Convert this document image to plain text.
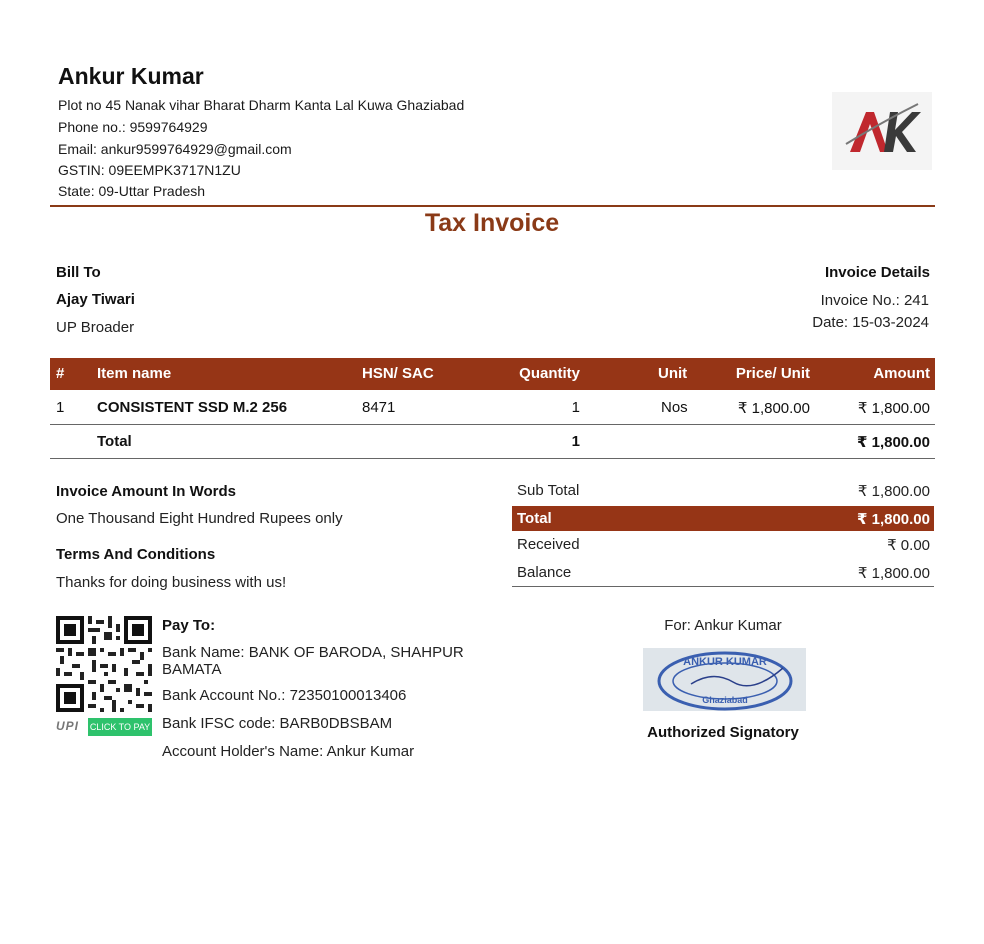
Ankur Kumar
Plot no 45 Nanak vihar Bharat Dharm Kanta Lal Kuwa Ghaziabad
Phone no.: 9599764929
Email: ankur9599764929@gmail.com
GSTIN: 09EEMPK3717N1ZU
State: 09-Uttar Pradesh
Tax Invoice
Bill To
Ajay Tiwari
UP Broader
Invoice Details
Invoice No.: 241
Date: 15-03-2024
# Item name	HSN/ SAC	Quantity	Unit	Price/ Unit	Amount
1 CONSISTENT SSD M.2 256	8471	1	Nos	₹ 1,800.00	₹ 1,800.00
Total	1	₹ 1,800.00
Invoice Amount In Words
One Thousand Eight Hundred Rupees only
Terms And Conditions
Thanks for doing business with us!
Sub Total	₹ 1,800.00
Total	₹ 1,800.00
Received	₹ 0.00
Balance	₹ 1,800.00
UPI CLICK TO PAY
Pay To:
Bank Name: BANK OF BARODA, SHAHPUR BAMATA
Bank Account No.: 72350100013406
Bank IFSC code: BARB0DBSBAM
Account Holder's Name: Ankur Kumar
For: Ankur Kumar
ANKUR KUMAR
Ghaziabad
Authorized Signatory
